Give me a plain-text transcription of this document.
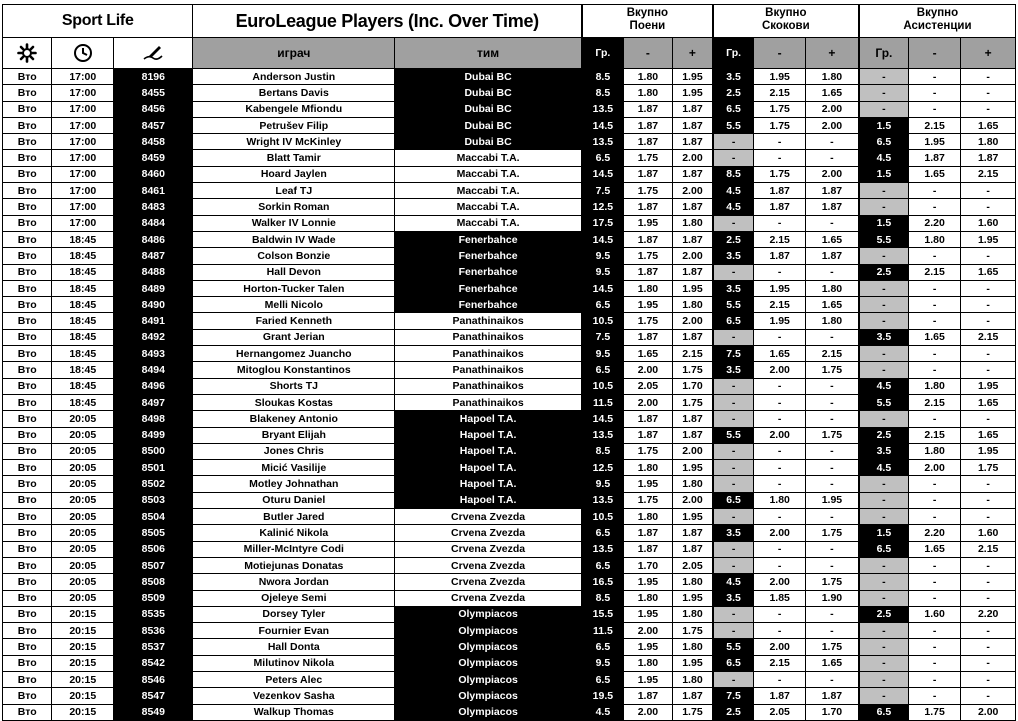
Sport Life			EuroLeague Players (Inc. Over Time)		Вкупно
Поени			Вкупно
Скокови			Вкупно
Асистенции		

	играч	тим	Гр.	-	+	Гр.	-	+	Гр.	-	+
Вто	17:00	8196	Anderson Justin	Dubai BC	8.5	1.80	1.95	3.5	1.95	1.80	-	-	-
Вто	17:00	8455	Bertans Davis	Dubai BC	8.5	1.80	1.95	2.5	2.15	1.65	-	-	-
Вто	17:00	8456	Kabengele Mfiondu	Dubai BC	13.5	1.87	1.87	6.5	1.75	2.00	-	-	-
Вто	17:00	8457	Petrušev Filip	Dubai BC	14.5	1.87	1.87	5.5	1.75	2.00	1.5	2.15	1.65
Вто	17:00	8458	Wright IV McKinley	Dubai BC	13.5	1.87	1.87	-	-	-	6.5	1.95	1.80
Вто	17:00	8459	Blatt Tamir	Maccabi T.A.	6.5	1.75	2.00	-	-	-	4.5	1.87	1.87
Вто	17:00	8460	Hoard Jaylen	Maccabi T.A.	14.5	1.87	1.87	8.5	1.75	2.00	1.5	1.65	2.15
Вто	17:00	8461	Leaf TJ	Maccabi T.A.	7.5	1.75	2.00	4.5	1.87	1.87	-	-	-
Вто	17:00	8483	Sorkin Roman	Maccabi T.A.	12.5	1.87	1.87	4.5	1.87	1.87	-	-	-
Вто	17:00	8484	Walker IV Lonnie	Maccabi T.A.	17.5	1.95	1.80	-	-	-	1.5	2.20	1.60
Вто	18:45	8486	Baldwin IV Wade	Fenerbahce	14.5	1.87	1.87	2.5	2.15	1.65	5.5	1.80	1.95
Вто	18:45	8487	Colson Bonzie	Fenerbahce	9.5	1.75	2.00	3.5	1.87	1.87	-	-	-
Вто	18:45	8488	Hall Devon	Fenerbahce	9.5	1.87	1.87	-	-	-	2.5	2.15	1.65
Вто	18:45	8489	Horton-Tucker Talen	Fenerbahce	14.5	1.80	1.95	3.5	1.95	1.80	-	-	-
Вто	18:45	8490	Melli Nicolo	Fenerbahce	6.5	1.95	1.80	5.5	2.15	1.65	-	-	-
Вто	18:45	8491	Faried Kenneth	Panathinaikos	10.5	1.75	2.00	6.5	1.95	1.80	-	-	-
Вто	18:45	8492	Grant Jerian	Panathinaikos	7.5	1.87	1.87	-	-	-	3.5	1.65	2.15
Вто	18:45	8493	Hernangomez Juancho	Panathinaikos	9.5	1.65	2.15	7.5	1.65	2.15	-	-	-
Вто	18:45	8494	Mitoglou Konstantinos	Panathinaikos	6.5	2.00	1.75	3.5	2.00	1.75	-	-	-
Вто	18:45	8496	Shorts TJ	Panathinaikos	10.5	2.05	1.70	-	-	-	4.5	1.80	1.95
Вто	18:45	8497	Sloukas Kostas	Panathinaikos	11.5	2.00	1.75	-	-	-	5.5	2.15	1.65
Вто	20:05	8498	Blakeney Antonio	Hapoel T.A.	14.5	1.87	1.87	-	-	-	-	-	-
Вто	20:05	8499	Bryant Elijah	Hapoel T.A.	13.5	1.87	1.87	5.5	2.00	1.75	2.5	2.15	1.65
Вто	20:05	8500	Jones Chris	Hapoel T.A.	8.5	1.75	2.00	-	-	-	3.5	1.80	1.95
Вто	20:05	8501	Micić Vasilije	Hapoel T.A.	12.5	1.80	1.95	-	-	-	4.5	2.00	1.75
Вто	20:05	8502	Motley Johnathan	Hapoel T.A.	9.5	1.95	1.80	-	-	-	-	-	-
Вто	20:05	8503	Oturu Daniel	Hapoel T.A.	13.5	1.75	2.00	6.5	1.80	1.95	-	-	-
Вто	20:05	8504	Butler Jared	Crvena Zvezda	10.5	1.80	1.95	-	-	-	-	-	-
Вто	20:05	8505	Kalinić Nikola	Crvena Zvezda	6.5	1.87	1.87	3.5	2.00	1.75	1.5	2.20	1.60
Вто	20:05	8506	Miller-McIntyre Codi	Crvena Zvezda	13.5	1.87	1.87	-	-	-	6.5	1.65	2.15
Вто	20:05	8507	Motiejunas Donatas	Crvena Zvezda	6.5	1.70	2.05	-	-	-	-	-	-
Вто	20:05	8508	Nwora Jordan	Crvena Zvezda	16.5	1.95	1.80	4.5	2.00	1.75	-	-	-
Вто	20:05	8509	Ojeleye Semi	Crvena Zvezda	8.5	1.80	1.95	3.5	1.85	1.90	-	-	-
Вто	20:15	8535	Dorsey Tyler	Olympiacos	15.5	1.95	1.80	-	-	-	2.5	1.60	2.20
Вто	20:15	8536	Fournier Evan	Olympiacos	11.5	2.00	1.75	-	-	-	-	-	-
Вто	20:15	8537	Hall Donta	Olympiacos	6.5	1.95	1.80	5.5	2.00	1.75	-	-	-
Вто	20:15	8542	Milutinov Nikola	Olympiacos	9.5	1.80	1.95	6.5	2.15	1.65	-	-	-
Вто	20:15	8546	Peters Alec	Olympiacos	6.5	1.95	1.80	-	-	-	-	-	-
Вто	20:15	8547	Vezenkov Sasha	Olympiacos	19.5	1.87	1.87	7.5	1.87	1.87	-	-	-
Вто	20:15	8549	Walkup Thomas	Olympiacos	4.5	2.00	1.75	2.5	2.05	1.70	6.5	1.75	2.00
